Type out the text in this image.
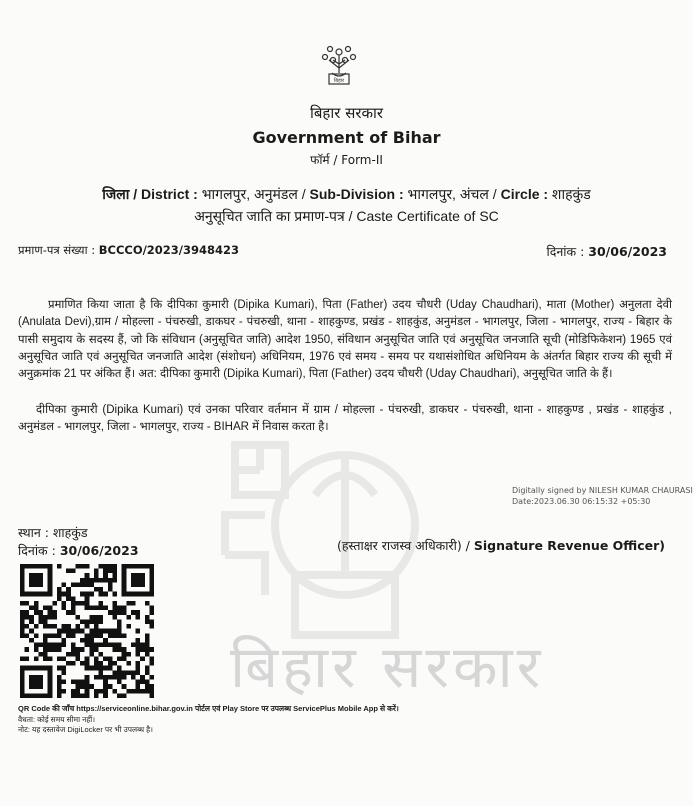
बिहार सरकार
बिहार
बिहार सरकार
Government of Bihar
फॉर्म / Form-II
जिला / District : भागलपुर, अनुमंडल / Sub-Division : भागलपुर, अंचल / Circle : शाहकुंड
अनुसूचित जाति का प्रमाण-पत्र / Caste Certificate of SC
प्रमाण-पत्र संख्या : BCCCO/2023/3948423	दिनांक : 30/06/2023
प्रमाणित किया जाता है कि दीपिका कुमारी (Dipika Kumari), पिता (Father) उदय चौधरी (Uday Chaudhari), माता (Mother) अनुलता देवी (Anulata Devi),ग्राम / मोहल्ला - पंचरुखी, डाकघर - पंचरुखी, थाना - शाहकुण्ड, प्रखंड - शाहकुंड, अनुमंडल - भागलपुर, जिला - भागलपुर, राज्य - बिहार के पासी समुदाय के सदस्य हैं, जो कि संविधान (अनुसूचित जाति) आदेश 1950, संविधान अनुसूचित जाति एवं अनुसूचित जनजाति सूची (मोडिफिकेशन) 1965 एवं अनुसूचित जाति एवं अनुसूचित जनजाति आदेश (संशोधन) अधिनियम, 1976 एवं समय - समय पर यथासंशोधित अधिनियम के अंतर्गत बिहार राज्य की सूची में अनुक्रमांक 21 पर अंकित हैं। अत: दीपिका कुमारी (Dipika Kumari), पिता (Father) उदय चौधरी (Uday Chaudhari), अनुसूचित जाति के हैं।
दीपिका कुमारी (Dipika Kumari) एवं उनका परिवार वर्तमान में ग्राम / मोहल्ला - पंचरुखी, डाकघर - पंचरुखी, थाना - शाहकुण्ड , प्रखंड - शाहकुंड , अनुमंडल - भागलपुर, जिला - भागलपुर, राज्य - BIHAR में निवास करता है।
Digitally signed by NILESH KUMAR CHAURASI
Date:2023.06.30 06:15:32 +05:30
स्थान : शाहकुंड
दिनांक : 30/06/2023	(हस्ताक्षर राजस्व अधिकारी) / Signature Revenue Officer)
QR Code की जाँच https://serviceonline.bihar.gov.in पोर्टल एवं Play Store पर उपलब्ध ServicePlus Mobile App से करें।
वैधता: कोई समय सीमा नहीं।
नोट: यह दस्तावेज DigiLocker पर भी उपलब्ध है।
